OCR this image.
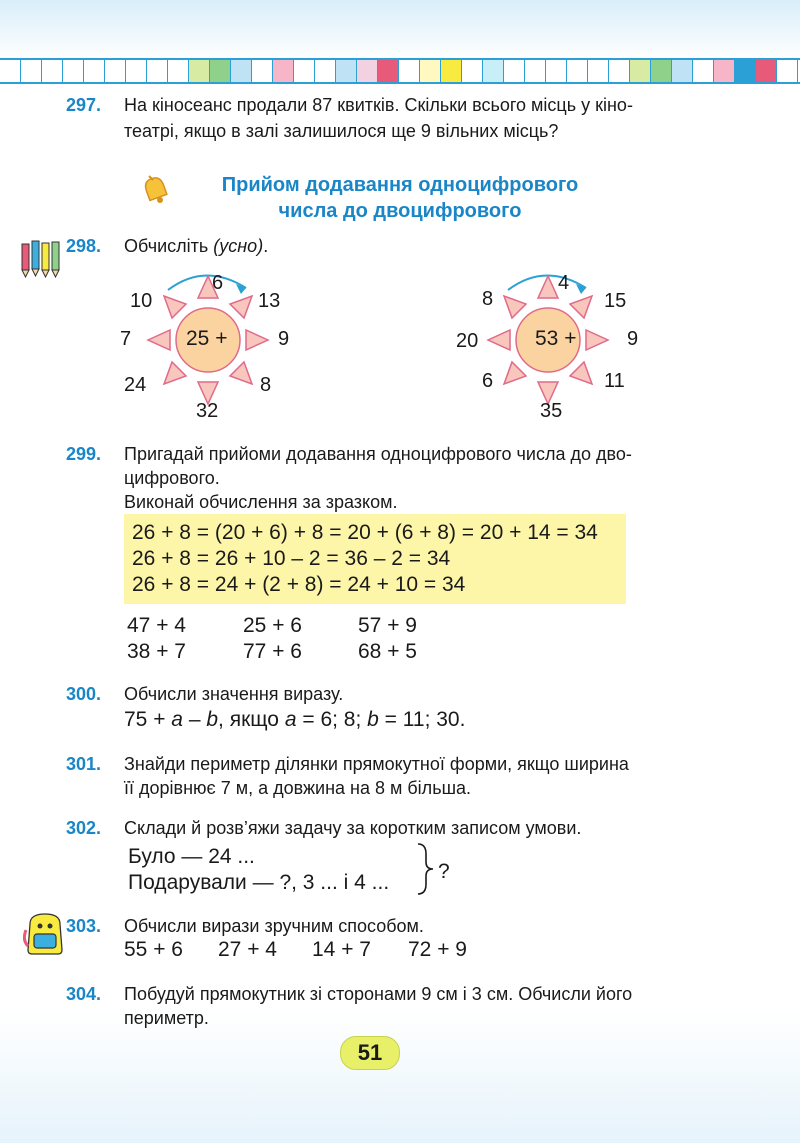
297. На кіносеанс продали 87 квитків. Скільки всього місць у кіно-
театрі, якщо в залі залишилося ще 9 вільних місць?
Прийом додавання одноцифрового
числа до двоцифрового
298. Обчисліть (усно).
25 +
6
13
9
8
32
24
7
10
53 +
4
15
9
11
35
6
20
8
299. Пригадай прийоми додавання одноцифрового числа до дво-
цифрового.
Виконай обчислення за зразком.
26 + 8 = (20 + 6) + 8 = 20 + (6 + 8) = 20 + 14 = 34
26 + 8 = 26 + 10 – 2 = 36 – 2 = 34
26 + 8 = 24 + (2 + 8) = 24 + 10 = 34
47 + 4
38 + 7
25 + 6
77 + 6
57 + 9
68 + 5
300. Обчисли значення виразу.
75 + a – b, якщо a = 6; 8; b = 11; 30.
301. Знайди периметр ділянки прямокутної форми, якщо ширина
її дорівнює 7 м, а довжина на 8 м більша.
302. Склади й розв’яжи задачу за коротким записом умови.
Було — 24 ...
Подарували — ?, 3 ... і 4 ... ?
303. Обчисли вирази зручним способом.
55 + 6 27 + 4 14 + 7 72 + 9
304. Побудуй прямокутник зі сторонами 9 см і 3 см. Обчисли його
периметр.
51
